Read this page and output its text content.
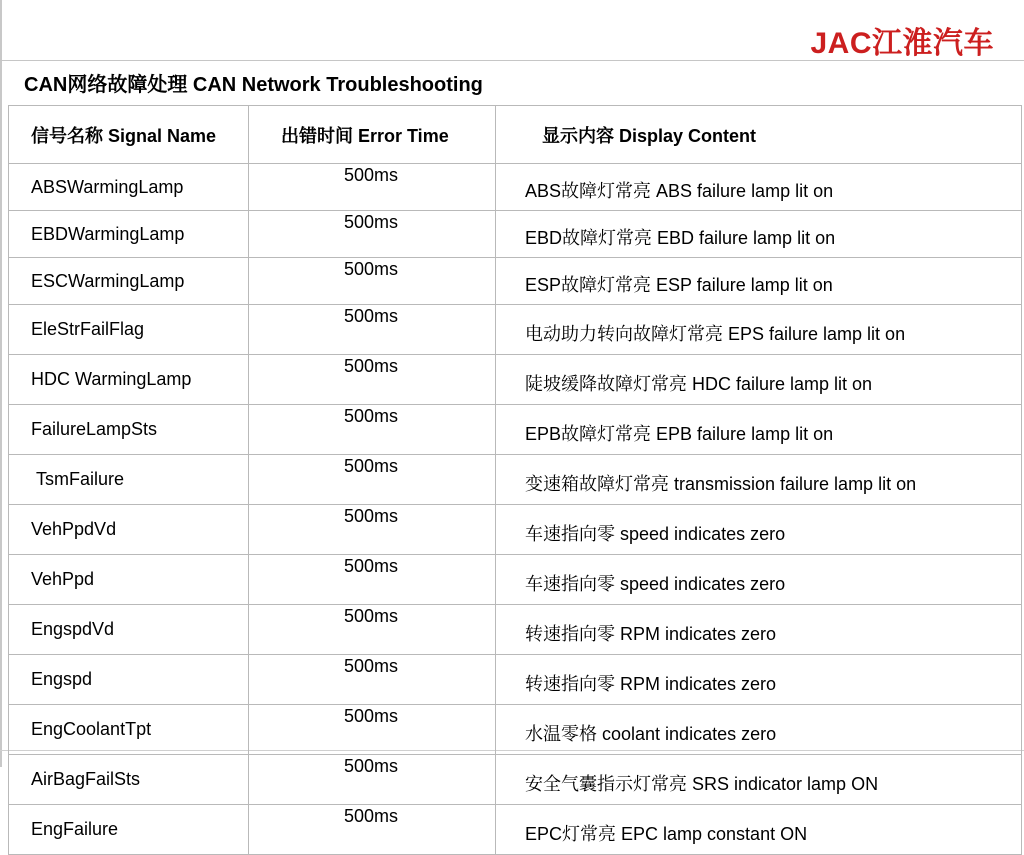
JAC江淮汽车
CAN网络故障处理 CAN Network Troubleshooting
信号名称 Signal Name	出错时间 Error Time	显示内容 Display Content
ABSWarmingLamp	500ms	ABS故障灯常亮 ABS failure lamp lit on
EBDWarmingLamp	500ms	EBD故障灯常亮 EBD failure lamp lit on
ESCWarmingLamp	500ms	ESP故障灯常亮 ESP failure lamp lit on
EleStrFailFlag	500ms	电动助力转向故障灯常亮 EPS failure lamp lit on
HDC WarmingLamp	500ms	陡坡缓降故障灯常亮 HDC failure lamp lit on
FailureLampSts	500ms	EPB故障灯常亮 EPB failure lamp lit on
TsmFailure	500ms	变速箱故障灯常亮 transmission failure lamp lit on
VehPpdVd	500ms	车速指向零 speed indicates zero
VehPpd	500ms	车速指向零 speed indicates zero
EngspdVd	500ms	转速指向零 RPM indicates zero
Engspd	500ms	转速指向零 RPM indicates zero
EngCoolantTpt	500ms	水温零格 coolant indicates zero
AirBagFailSts	500ms	安全气囊指示灯常亮 SRS indicator lamp ON
EngFailure	500ms	EPC灯常亮 EPC lamp constant ON
